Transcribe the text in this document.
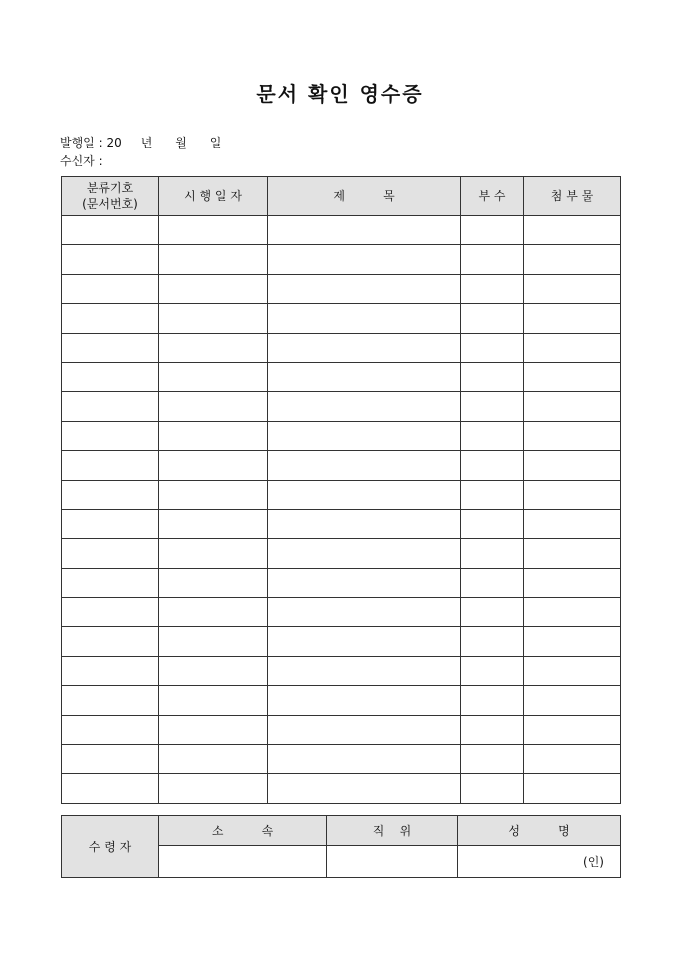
문서 확인 영수증
발행일 : 20 년 월 일
수신자 :
분류기호
(문서번호)	시 행 일 자	제          목	부 수	첨 부 물

수 령 자	소          속	직    위	성          명
			(인)
